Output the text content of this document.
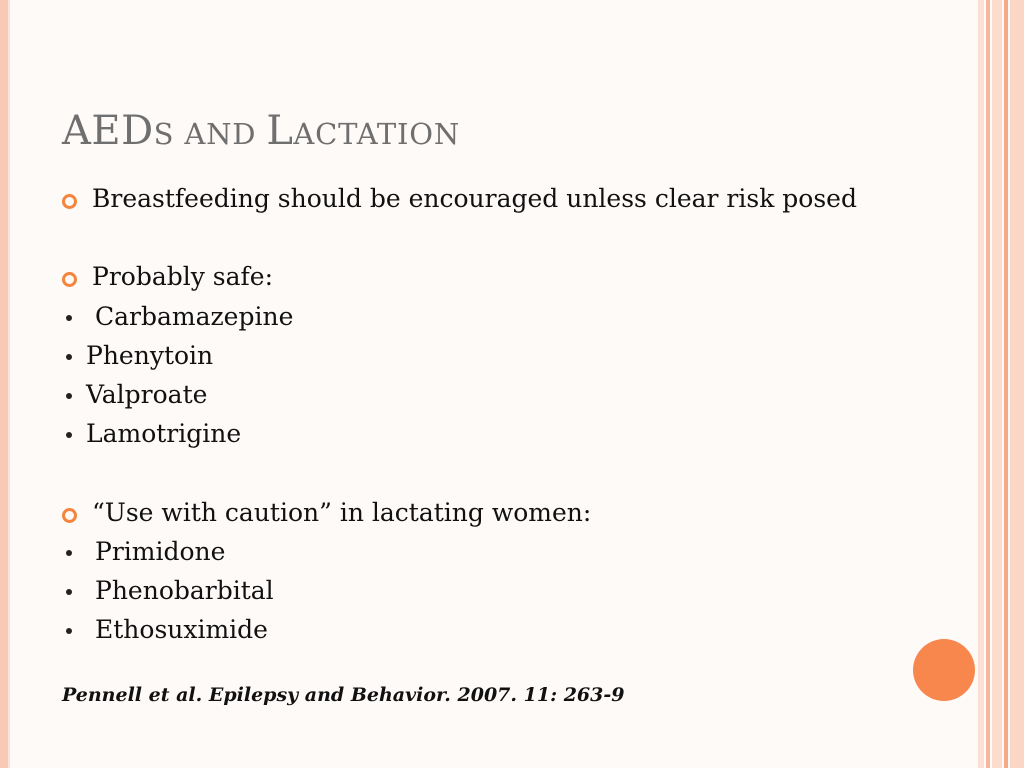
AEDS AND LACTATION
Breastfeeding should be encouraged unless clear risk posed
Probably safe:
Carbamazepine
Phenytoin
Valproate
Lamotrigine
“Use with caution” in lactating women:
Primidone
Phenobarbital
Ethosuximide
Pennell et al. Epilepsy and Behavior. 2007. 11: 263-9
